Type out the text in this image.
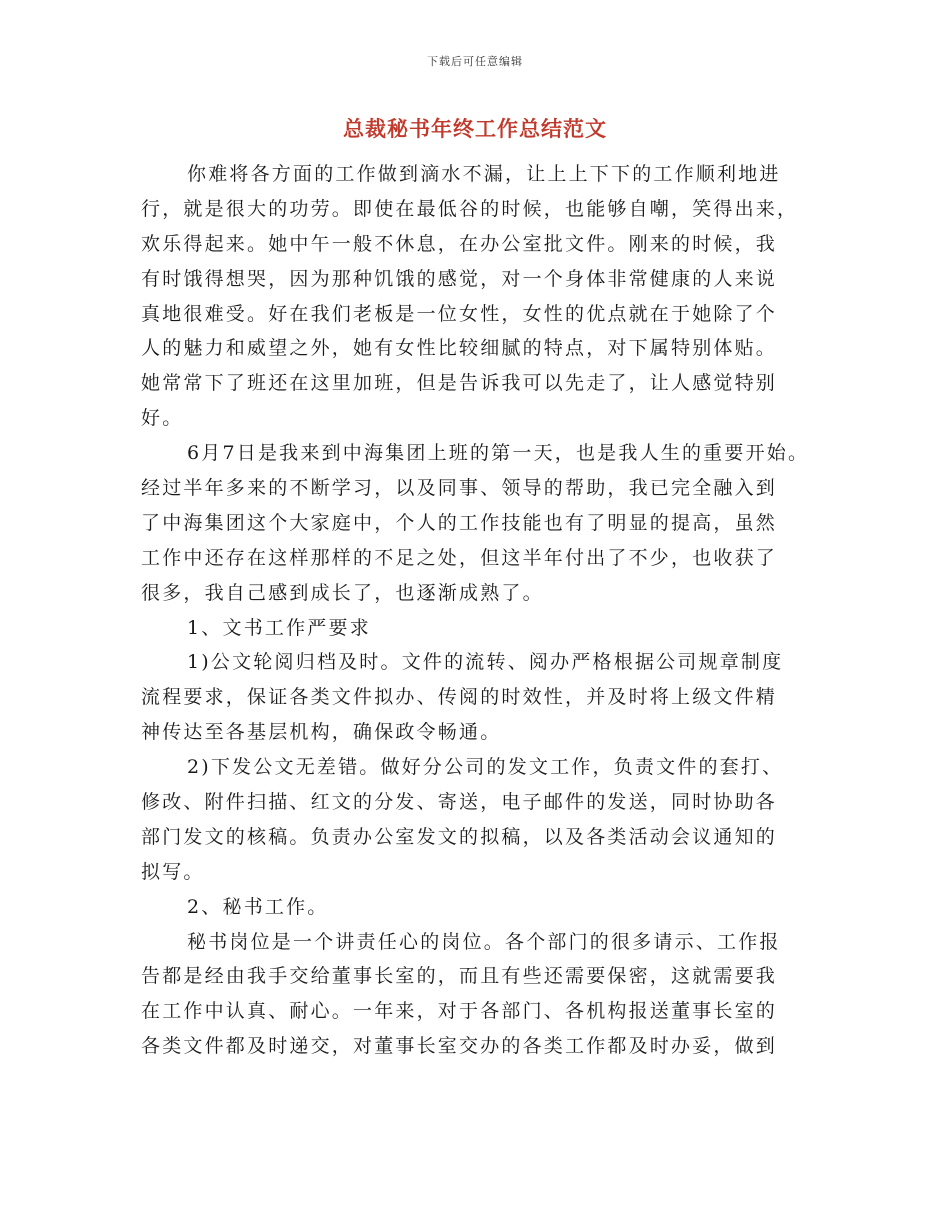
下载后可任意编辑
总裁秘书年终工作总结范文
你难将各方面的工作做到滴水不漏，让上上下下的工作顺利地进
行，就是很大的功劳。即使在最低谷的时候，也能够自嘲，笑得出来，
欢乐得起来。她中午一般不休息，在办公室批文件。刚来的时候，我
有时饿得想哭，因为那种饥饿的感觉，对一个身体非常健康的人来说
真地很难受。好在我们老板是一位女性，女性的优点就在于她除了个
人的魅力和威望之外，她有女性比较细腻的特点，对下属特别体贴。
她常常下了班还在这里加班，但是告诉我可以先走了，让人感觉特别
好。
6月7日是我来到中海集团上班的第一天，也是我人生的重要开始。
经过半年多来的不断学习，以及同事、领导的帮助，我已完全融入到
了中海集团这个大家庭中，个人的工作技能也有了明显的提高，虽然
工作中还存在这样那样的不足之处，但这半年付出了不少，也收获了
很多，我自己感到成长了，也逐渐成熟了。
1、文书工作严要求
1)公文轮阅归档及时。文件的流转、阅办严格根据公司规章制度
流程要求，保证各类文件拟办、传阅的时效性，并及时将上级文件精
神传达至各基层机构，确保政令畅通。
2)下发公文无差错。做好分公司的发文工作，负责文件的套打、
修改、附件扫描、红文的分发、寄送，电子邮件的发送，同时协助各
部门发文的核稿。负责办公室发文的拟稿，以及各类活动会议通知的
拟写。
2、秘书工作。
秘书岗位是一个讲责任心的岗位。各个部门的很多请示、工作报
告都是经由我手交给董事长室的，而且有些还需要保密，这就需要我
在工作中认真、耐心。一年来，对于各部门、各机构报送董事长室的
各类文件都及时递交，对董事长室交办的各类工作都及时办妥，做到
